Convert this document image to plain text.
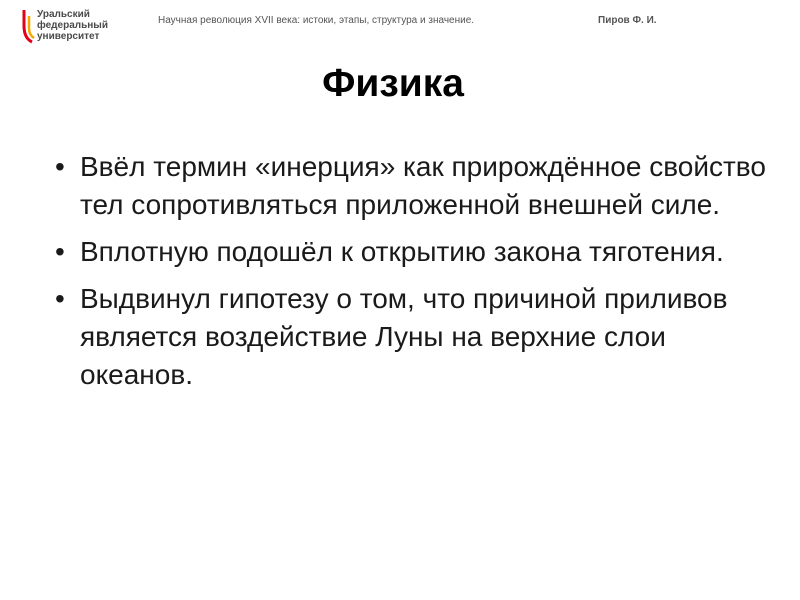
Уральский
федеральный
университет
Научная революция XVII века: истоки, этапы, структура и значение.	Пиров Ф. И.
Физика
• Ввёл термин «инерция» как прирождённое свойство тел сопротивляться приложенной внешней силе.
• Вплотную подошёл к открытию закона тяготения.
• Выдвинул гипотезу о том, что причиной приливов является воздействие Луны на верхние слои океанов.
